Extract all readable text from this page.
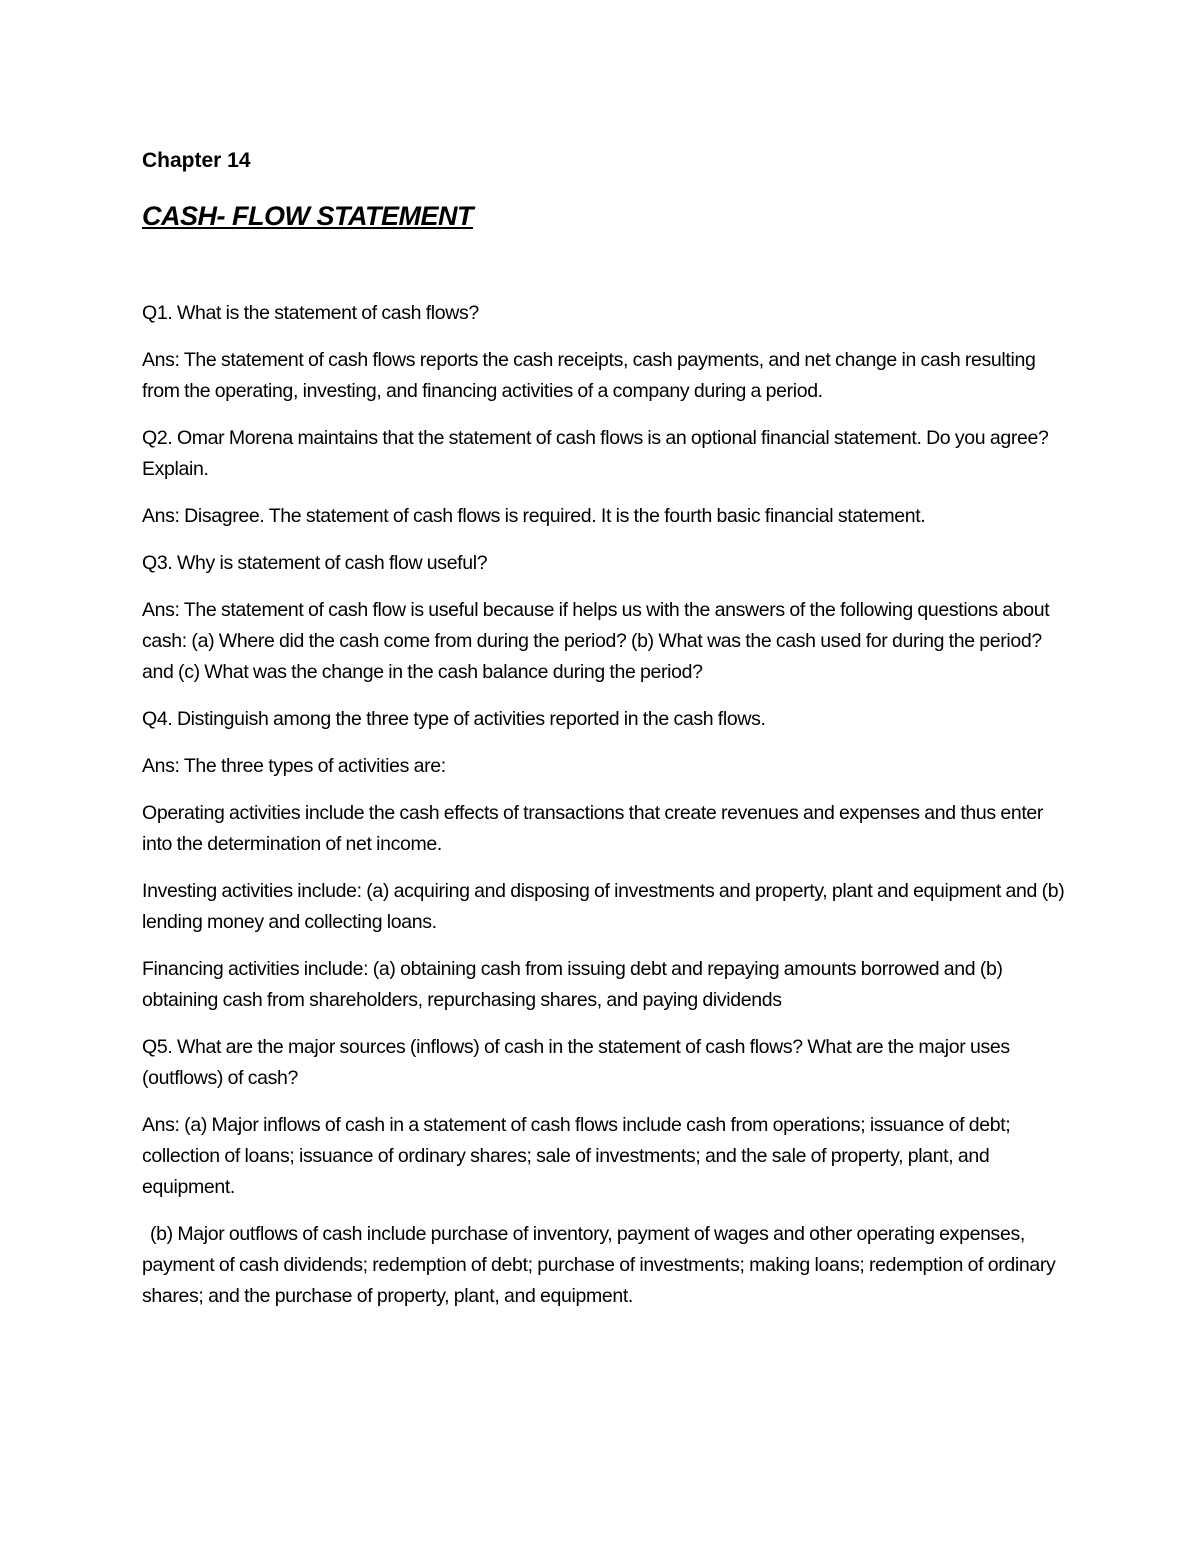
Chapter 14
CASH- FLOW STATEMENT

Q1. What is the statement of cash flows?

Ans: The statement of cash flows reports the cash receipts, cash payments, and net change in cash resulting from the operating, investing, and financing activities of a company during a period.

Q2. Omar Morena maintains that the statement of cash flows is an optional financial statement. Do you agree? Explain.

Ans: Disagree. The statement of cash flows is required. It is the fourth basic financial statement.

Q3. Why is statement of cash flow useful?

Ans: The statement of cash flow is useful because if helps us with the answers of the following questions about cash: (a) Where did the cash come from during the period? (b) What was the cash used for during the period? and (c) What was the change in the cash balance during the period?

Q4. Distinguish among the three type of activities reported in the cash flows.

Ans: The three types of activities are:

Operating activities include the cash effects of transactions that create revenues and expenses and thus enter into the determination of net income.

Investing activities include: (a) acquiring and disposing of investments and property, plant and equipment and (b) lending money and collecting loans.

Financing activities include: (a) obtaining cash from issuing debt and repaying amounts borrowed and (b) obtaining cash from shareholders, repurchasing shares, and paying dividends

Q5. What are the major sources (inflows) of cash in the statement of cash flows? What are the major uses (outflows) of cash?

Ans: (a) Major inflows of cash in a statement of cash flows include cash from operations; issuance of debt; collection of loans; issuance of ordinary shares; sale of investments; and the sale of property, plant, and equipment.

(b) Major outflows of cash include purchase of inventory, payment of wages and other operating expenses, payment of cash dividends; redemption of debt; purchase of investments; making loans; redemption of ordinary shares; and the purchase of property, plant, and equipment.
